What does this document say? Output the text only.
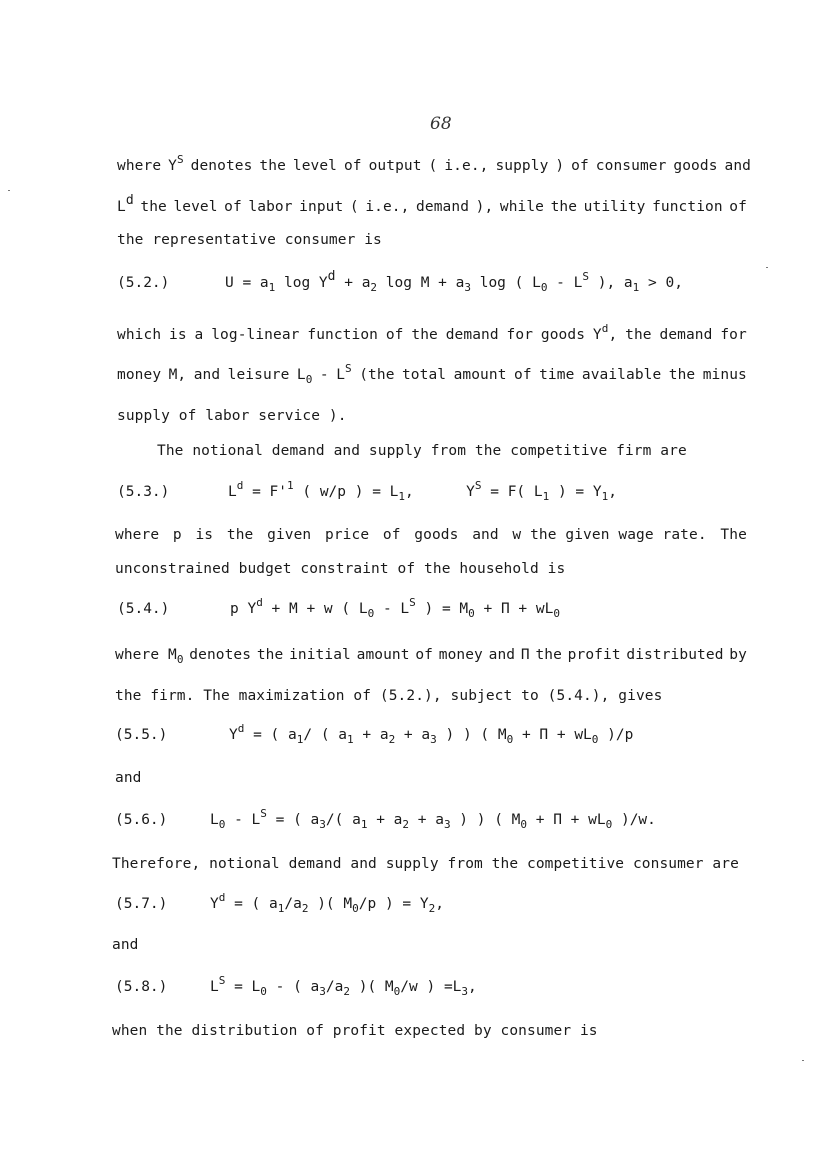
68
where $Y^S$ denotes the level of output ( i.e., supply ) of consumer goods and
$L^d$ the level of labor input ( i.e., demand ), while the utility function of
the representative consumer is
(5.2.)	$U = a_1$ $\log Y^d + a_2$ $\log M + a_3$ log ( $L_0 - L^S$ ), $a_1 > 0$,
which is a log-linear function of the demand for goods $Y^d$, the demand for
money M, and leisure $L_0 - L^S$ (the total amount of time available the minus
supply of labor service ).
The notional demand and supply from the competitive firm are
(5.3.)	$L^d = F'^1$ ( w/p ) = $L_1$,      $Y^S = F$( $L_1$ ) = $Y_1$,
where p is the given price of goods and w the given wage rate. The
unconstrained budget constraint of the household is
(5.4.)	p $Y^d + M + w$ ( $L_0 - L^S$ ) = $M_0 + \Pi + wL_0$
where $M_0$ denotes the initial amount of money and Π the profit distributed by
the firm. The maximization of (5.2.), subject to (5.4.), gives
(5.5.)	$Y^d$ = ( $a_1/$ ( $a_1 + a_2 + a_3$ ) ) ( $M_0 + \Pi + wL_0$ )/p
and
(5.6.)	$L_0 - L^S$ = ( $a_3/$( $a_1 + a_2 + a_3$ ) ) ( $M_0 + \Pi + wL_0$ )/w.
Therefore, notional demand and supply from the competitive consumer are
(5.7.)	$Y^d$ = ( $a_1/a_2$ )( $M_0/p$ ) = $Y_2$,
and
(5.8.)	$L^S = L_0$ - ( $a_3/a_2$ )( $M_0/w$ ) $=L_3$,
when the distribution of profit expected by consumer is
